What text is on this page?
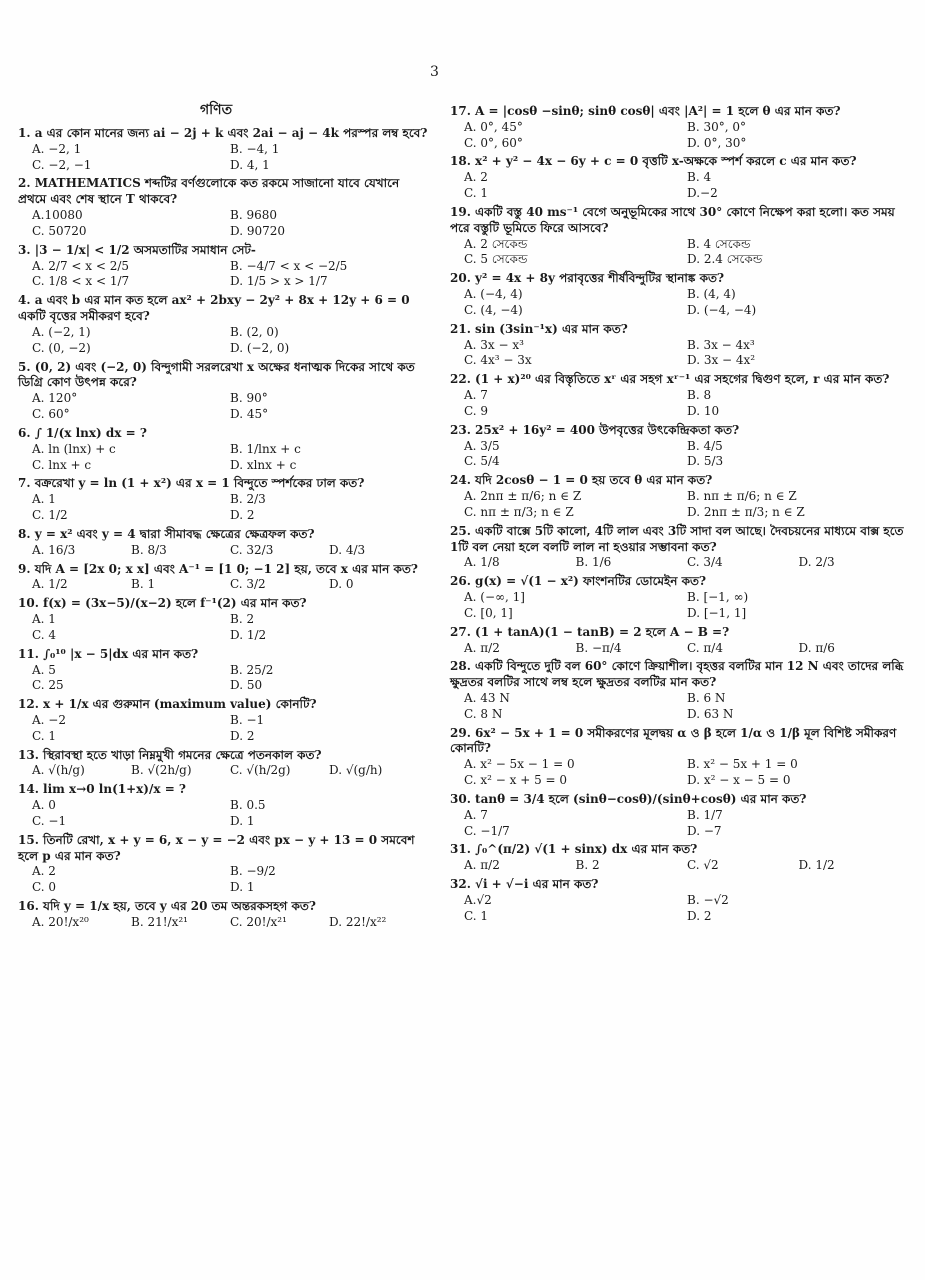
3
গণিত
1. a এর কোন মানের জন্য ai − 2j + k এবং 2ai − aj − 4k পরস্পর লম্ব হবে?
A. −2, 1	B. −4, 1
C. −2, −1	D. 4, 1
2. MATHEMATICS শব্দটির বর্ণগুলোকে কত রকমে সাজানো যাবে যেখানে প্রথমে এবং শেষ স্থানে T থাকবে?
A.10080	B. 9680
C. 50720	D. 90720
3. |3 − 1/x| < 1/2 অসমতাটির সমাধান সেট-
A. 2/7 < x < 2/5	B. −4/7 < x < −2/5
C. 1/8 < x < 1/7	D. 1/5 > x > 1/7
4. a এবং b এর মান কত হলে ax² + 2bxy − 2y² + 8x + 12y + 6 = 0 একটি বৃত্তের সমীকরণ হবে?
A. (−2, 1)	B. (2, 0)
C. (0, −2)	D. (−2, 0)
5. (0, 2) এবং (−2, 0) বিন্দুগামী সরলরেখা x অক্ষের ধনাত্মক দিকের সাথে কত ডিগ্রি কোণ উৎপন্ন করে?
A. 120°	B. 90°
C. 60°	D. 45°
6. ∫ 1/(x lnx) dx = ?
A. ln (lnx) + c	B. 1/lnx + c
C. lnx + c	D. xlnx + c
7. বক্ররেখা y = ln (1 + x²) এর x = 1 বিন্দুতে স্পর্শকের ঢাল কত?
A. 1	B. 2/3
C. 1/2	D. 2
8. y = x² এবং y = 4 দ্বারা সীমাবদ্ধ ক্ষেত্রের ক্ষেত্রফল কত?
A. 16/3	B. 8/3	C. 32/3	D. 4/3
9. যদি A = [2x 0; x x] এবং A⁻¹ = [1 0; −1 2] হয়, তবে x এর মান কত?
A. 1/2	B. 1	C. 3/2	D. 0
10. f(x) = (3x−5)/(x−2) হলে f⁻¹(2) এর মান কত?
A. 1	B. 2
C. 4	D. 1/2
11. ∫₀¹⁰ |x − 5|dx এর মান কত?
A. 5	B. 25/2
C. 25	D. 50
12. x + 1/x এর গুরুমান (maximum value) কোনটি?
A. −2	B. −1
C. 1	D. 2
13. স্থিরাবস্থা হতে খাড়া নিম্নমুখী গমনের ক্ষেত্রে পতনকাল কত?
A. √(h/g)	B. √(2h/g)	C. √(h/2g)	D. √(g/h)
14. lim x→0 ln(1+x)/x = ?
A. 0	B. 0.5
C. −1	D. 1
15. তিনটি রেখা, x + y = 6, x − y = −2 এবং px − y + 13 = 0 সমবেশ হলে p এর মান কত?
A. 2	B. −9/2
C. 0	D. 1
16. যদি y = 1/x হয়, তবে y এর 20 তম অন্তরকসহগ কত?
A. 20!/x²⁰	B. 21!/x²¹	C. 20!/x²¹	D. 22!/x²²
17. A = |cosθ −sinθ; sinθ cosθ| এবং |A²| = 1 হলে θ এর মান কত?
A. 0°, 45°	B. 30°, 0°
C. 0°, 60°	D. 0°, 30°
18. x² + y² − 4x − 6y + c = 0 বৃত্তটি x-অক্ষকে স্পর্শ করলে c এর মান কত?
A. 2	B. 4
C. 1	D.−2
19. একটি বস্তু 40 ms⁻¹ বেগে অনুভূমিকের সাথে 30° কোণে নিক্ষেপ করা হলো। কত সময় পরে বস্তুটি ভূমিতে ফিরে আসবে?
A. 2 সেকেন্ড	B. 4 সেকেন্ড
C. 5 সেকেন্ড	D. 2.4 সেকেন্ড
20. y² = 4x + 8y পরাবৃত্তের শীর্ষবিন্দুটির স্থানাঙ্ক কত?
A. (−4, 4)	B. (4, 4)
C. (4, −4)	D. (−4, −4)
21. sin (3sin⁻¹x) এর মান কত?
A. 3x − x³	B. 3x − 4x³
C. 4x³ − 3x	D. 3x − 4x²
22. (1 + x)²⁰ এর বিস্তৃতিতে xʳ এর সহগ xʳ⁻¹ এর সহগের দ্বিগুণ হলে, r এর মান কত?
A. 7	B. 8
C. 9	D. 10
23. 25x² + 16y² = 400 উপবৃত্তের উৎকেন্দ্রিকতা কত?
A. 3/5	B. 4/5
C. 5/4	D. 5/3
24. যদি 2cosθ − 1 = 0 হয় তবে θ এর মান কত?
A. 2nπ ± π/6; n ∈ Z	B. nπ ± π/6; n ∈ Z
C. nπ ± π/3; n ∈ Z	D. 2nπ ± π/3; n ∈ Z
25. একটি বাক্সে 5টি কালো, 4টি লাল এবং 3টি সাদা বল আছে। দৈবচয়নের মাধ্যমে বাক্স হতে 1টি বল নেয়া হলে বলটি লাল না হওয়ার সম্ভাবনা কত?
A. 1/8	B. 1/6	C. 3/4	D. 2/3
26. g(x) = √(1 − x²) ফাংশনটির ডোমেইন কত?
A. (−∞, 1]	B. [−1, ∞)
C. [0, 1]	D. [−1, 1]
27. (1 + tanA)(1 − tanB) = 2 হলে A − B =?
A. π/2	B. −π/4	C. π/4	D. π/6
28. একটি বিন্দুতে দুটি বল 60° কোণে ক্রিয়াশীল। বৃহত্তর বলটির মান 12 N এবং তাদের লব্ধি ক্ষুদ্রতর বলটির সাথে লম্ব হলে ক্ষুদ্রতর বলটির মান কত?
A. 43 N	B. 6 N
C. 8 N	D. 63 N
29. 6x² − 5x + 1 = 0 সমীকরণের মূলদ্বয় α ও β হলে 1/α ও 1/β মূল বিশিষ্ট সমীকরণ কোনটি?
A. x² − 5x − 1 = 0	B. x² − 5x + 1 = 0
C. x² − x + 5 = 0	D. x² − x − 5 = 0
30. tanθ = 3/4 হলে (sinθ−cosθ)/(sinθ+cosθ) এর মান কত?
A. 7	B. 1/7
C. −1/7	D. −7
31. ∫₀^(π/2) √(1 + sinx) dx এর মান কত?
A. π/2	B. 2	C. √2	D. 1/2
32. √i + √−i এর মান কত?
A.√2	B. −√2
C. 1	D. 2
